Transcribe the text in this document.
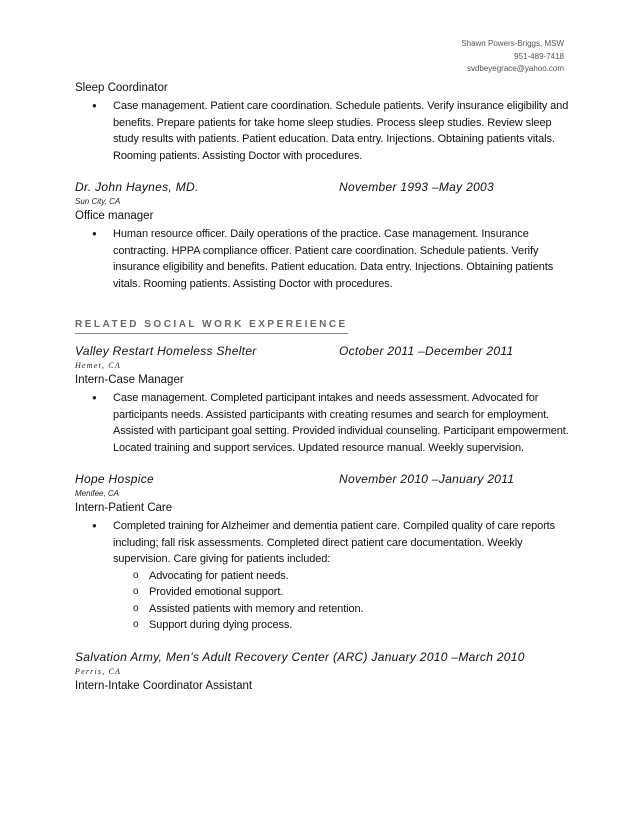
Shawn Powers-Briggs, MSW
951-489-7418
svdbeyegrace@yahoo.com

Sleep Coordinator

● Case management. Patient care coordination. Schedule patients. Verify insurance eligibility and benefits. Prepare patients for take home sleep studies. Process sleep studies. Review sleep study results with patients. Patient education. Data entry. Injections. Obtaining patients vitals. Rooming patients. Assisting Doctor with procedures.
Dr. John Haynes, MD.	November 1993 –May 2003
Sun City, CA

Office manager

● Human resource officer. Daily operations of the practice. Case management. Insurance contracting. HPPA compliance officer. Patient care coordination. Schedule patients. Verify insurance eligibility and benefits. Patient education. Data entry. Injections. Obtaining patients vitals. Rooming patients. Assisting Doctor with procedures.
RELATED SOCIAL WORK EXPEREIENCE
Valley Restart Homeless Shelter	October 2011 –December 2011
Hemet, CA

Intern-Case Manager

● Case management. Completed participant intakes and needs assessment. Advocated for participants needs. Assisted participants with creating resumes and search for employment. Assisted with participant goal setting. Provided individual counseling. Participant empowerment. Located training and support services. Updated resource manual. Weekly supervision.
Hope Hospice	November 2010 –January 2011
Menifee, CA

Intern-Patient Care

● Completed training for Alzheimer and dementia patient care. Compiled quality of care reports including; fall risk assessments. Completed direct patient care documentation. Weekly supervision. Care giving for patients included:
o Advocating for patient needs.
o Provided emotional support.
o Assisted patients with memory and retention.
o Support during dying process.
Salvation Army, Men’s Adult Recovery Center (ARC) January 2010 –March 2010
Perris, CA

Intern-Intake Coordinator Assistant
